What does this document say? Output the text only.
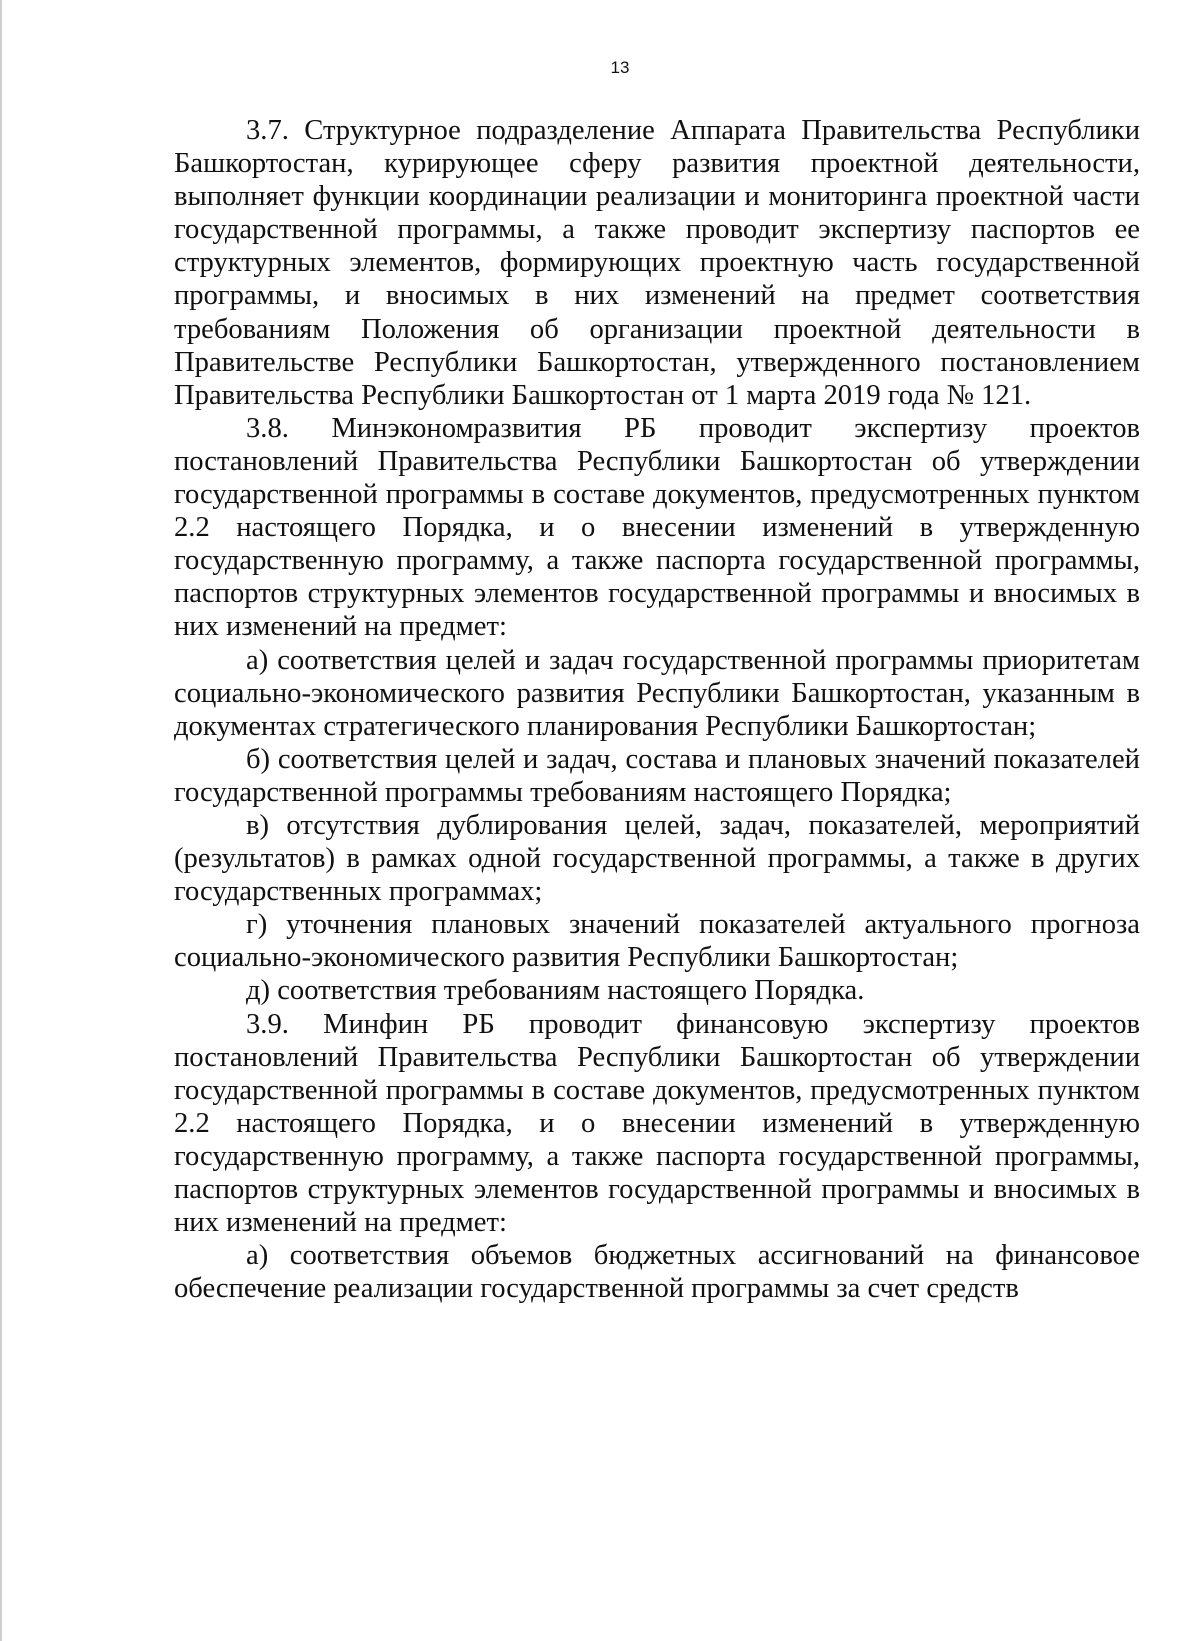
13

3.7. Структурное подразделение Аппарата Правительства Республики Башкортостан, курирующее сферу развития проектной деятельности, выполняет функции координации реализации и мониторинга проектной части государственной программы, а также проводит экспертизу паспортов ее структурных элементов, формирующих проектную часть государственной программы, и вносимых в них изменений на предмет соответствия требованиям Положения об организации проектной деятельности в Правительстве Республики Башкортостан, утвержденного постановлением Правительства Республики Башкортостан от 1 марта 2019 года № 121.

3.8. Минэкономразвития РБ проводит экспертизу проектов постановлений Правительства Республики Башкортостан об утверждении государственной программы в составе документов, предусмотренных пунктом 2.2 настоящего Порядка, и о внесении изменений в утвержденную государственную программу, а также паспорта государственной программы, паспортов структурных элементов государственной программы и вносимых в них изменений на предмет:

а) соответствия целей и задач государственной программы приоритетам социально-экономического развития Республики Башкортостан, указанным в документах стратегического планирования Республики Башкортостан;

б) соответствия целей и задач, состава и плановых значений показателей государственной программы требованиям настоящего Порядка;

в) отсутствия дублирования целей, задач, показателей, мероприятий (результатов) в рамках одной государственной программы, а также в других государственных программах;

г) уточнения плановых значений показателей актуального прогноза социально-экономического развития Республики Башкортостан;

д) соответствия требованиям настоящего Порядка.

3.9. Минфин РБ проводит финансовую экспертизу проектов постановлений Правительства Республики Башкортостан об утверждении государственной программы в составе документов, предусмотренных пунктом 2.2 настоящего Порядка, и о внесении изменений в утвержденную государственную программу, а также паспорта государственной программы, паспортов структурных элементов государственной программы и вносимых в них изменений на предмет:

а) соответствия объемов бюджетных ассигнований на финансовое обеспечение реализации государственной программы за счет средств
